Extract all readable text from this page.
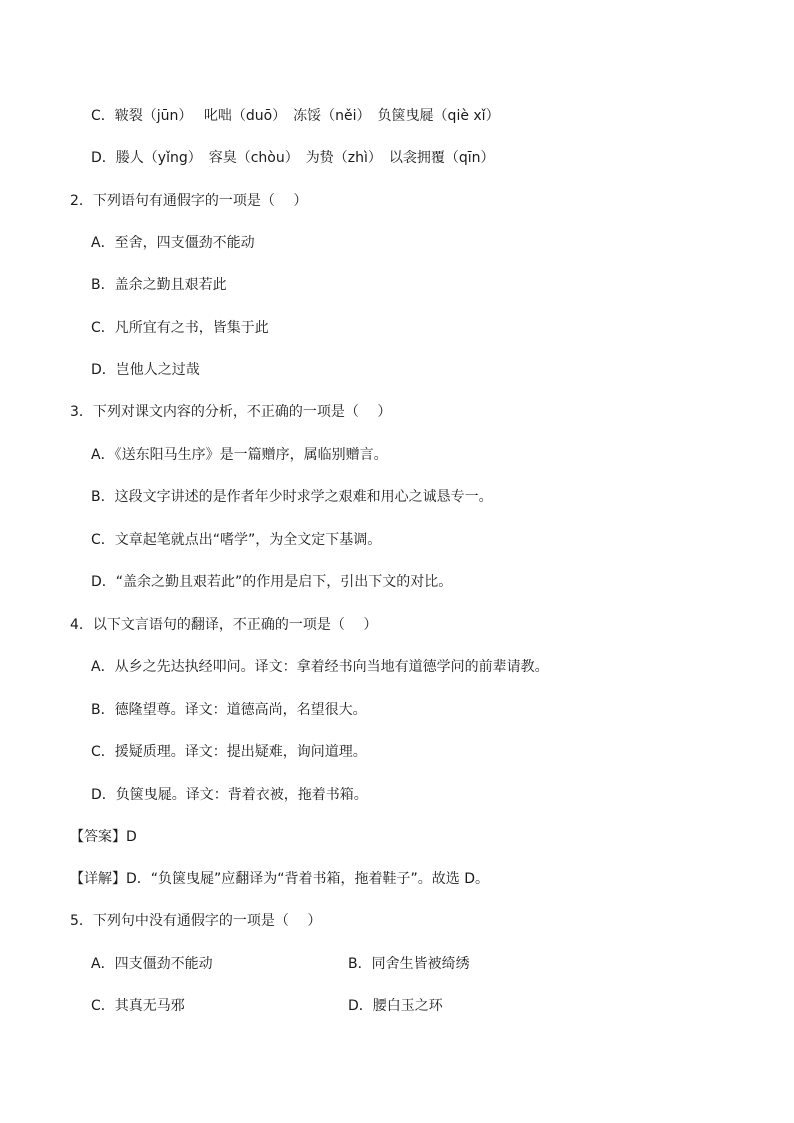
C．皲裂（jūn）　 叱咄（duō）　冻馁（něi）　负箧曳屣（qiè xǐ）
D．媵人（yǐng）　容臭（chòu）　为贽（zhì）　以衾拥覆（qīn）
2．下列语句有通假字的一项是（　 ）
A．至舍，四支僵劲不能动
B．盖余之勤且艰若此
C．凡所宜有之书，皆集于此
D．岂他人之过哉
3．下列对课文内容的分析，不正确的一项是（　 ）
A．《送东阳马生序》是一篇赠序，属临别赠言。
B．这段文字讲述的是作者年少时求学之艰难和用心之诚恳专一。
C．文章起笔就点出“嗜学”，为全文定下基调。
D．“盖余之勤且艰若此”的作用是启下，引出下文的对比。
4．以下文言语句的翻译，不正确的一项是（　 ）
A．从乡之先达执经叩问。译文：拿着经书向当地有道德学问的前辈请教。
B．德隆望尊。译文：道德高尚，名望很大。
C．援疑质理。译文：提出疑难，询问道理。
D．负箧曳屣。译文：背着衣被，拖着书箱。
【答案】D
【详解】D．“负箧曳屣”应翻译为“背着书箱，拖着鞋子”。故选 D。
5．下列句中没有通假字的一项是（　 ）
A．四支僵劲不能动	B．同舍生皆被绮绣
C．其真无马邪	D．腰白玉之环
